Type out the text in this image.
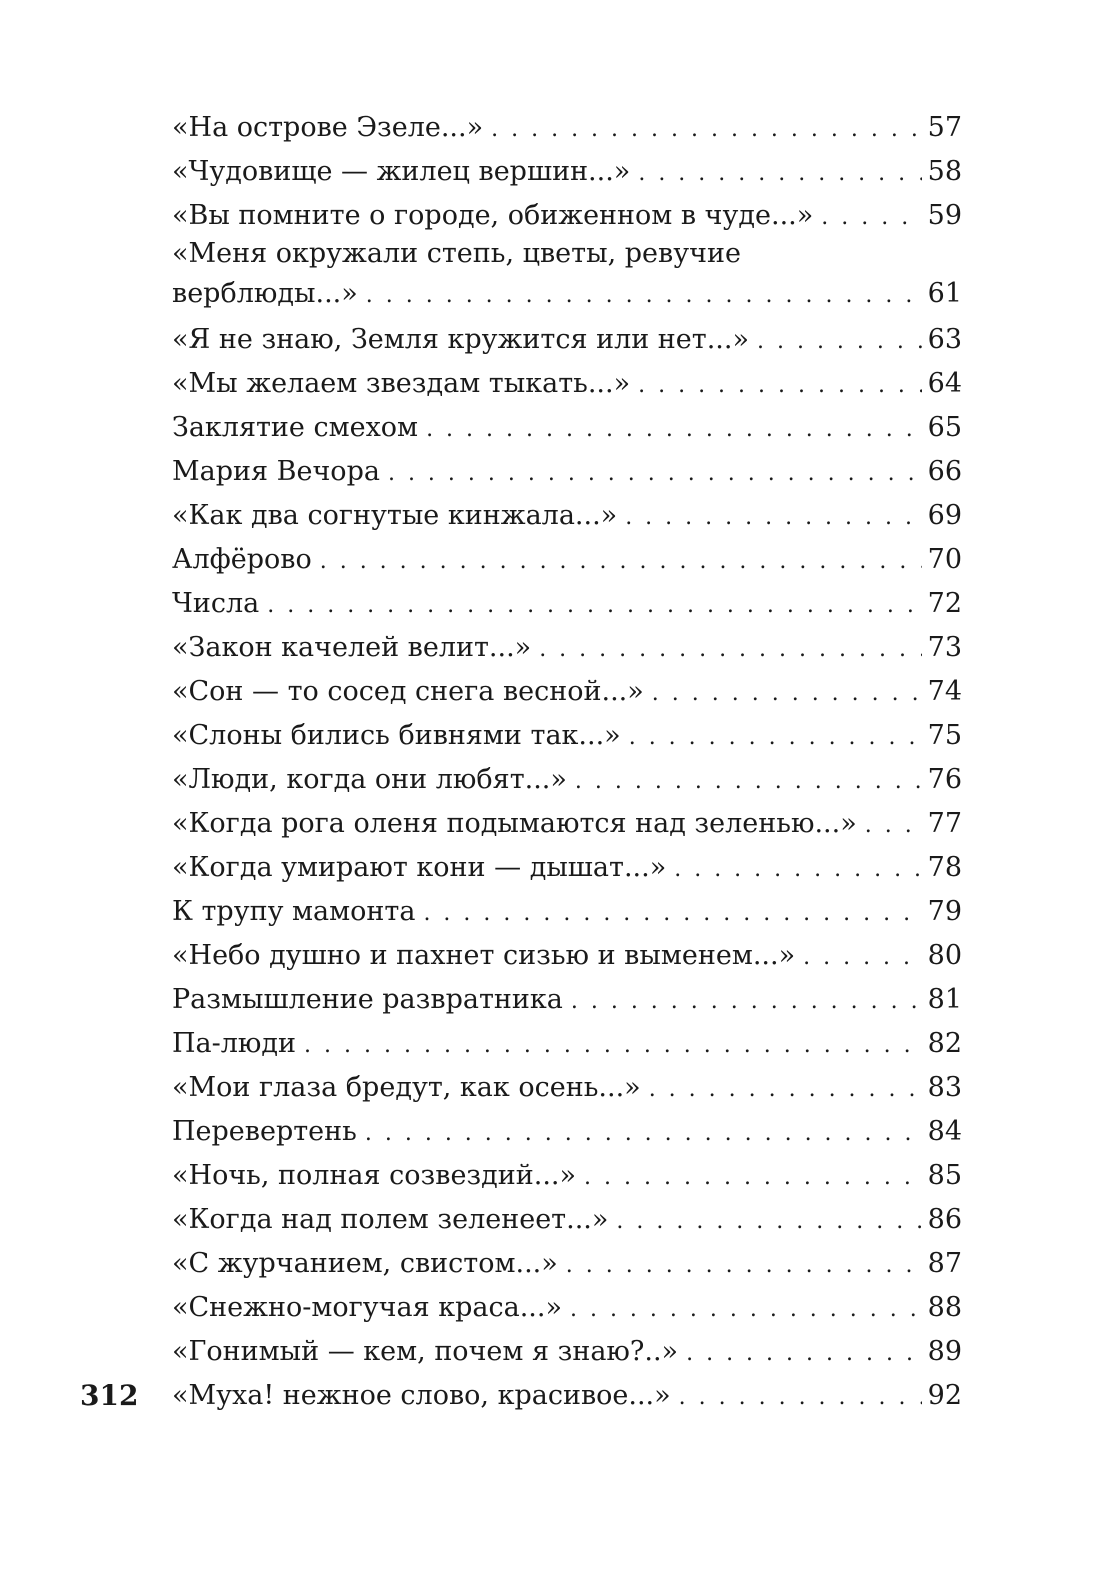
«На острове Эзеле...» . . .	57
«Чудовище — жилец вершин...» . . .	58
«Вы помните о городе, обиженном в чуде...» . . .	59
«Меня окружали степь, цветы, ревучие
верблюды...» . . .	61
«Я не знаю, Земля кружится или нет...» . . .	63
«Мы желаем звездам тыкать...» . . .	64
Заклятие смехом . . .	65
Мария Вечора . . .	66
«Как два согнутые кинжала...» . . .	69
Алфёрово . . .	70
Числа . . .	72
«Закон качелей велит...» . . .	73
«Сон — то сосед снега весной...» . . .	74
«Слоны бились бивнями так...» . . .	75
«Люди, когда они любят...» . . .	76
«Когда рога оленя подымаются над зеленью...» . . .	77
«Когда умирают кони — дышат...» . . .	78
К трупу мамонта . . .	79
«Небо душно и пахнет сизью и выменем...» . . .	80
Размышление развратника . . .	81
Па-люди . . .	82
«Мои глаза бредут, как осень...» . . .	83
Перевертень . . .	84
«Ночь, полная созвездий...» . . .	85
«Когда над полем зеленеет...» . . .	86
«С журчанием, свистом...» . . .	87
«Снежно-могучая краса...» . . .	88
«Гонимый — кем, почем я знаю?..» . . .	89
«Муха! нежное слово, красивое...» . . .	92
312
